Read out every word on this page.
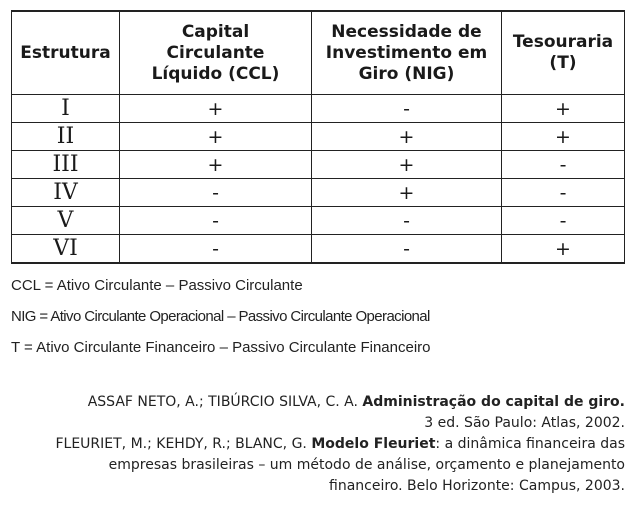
Estrutura	Capital Circulante Líquido (CCL)	Necessidade de Investimento em Giro (NIG)	Tesouraria (T)
I	+	-	+
II	+	+	+
III	+	+	-
IV	-	+	-
V	-	-	-
VI	-	-	+
CCL = Ativo Circulante – Passivo Circulante
NIG = Ativo Circulante Operacional – Passivo Circulante Operacional
T = Ativo Circulante Financeiro – Passivo Circulante Financeiro

ASSAF NETO, A.; TIBÚRCIO SILVA, C. A. Administração do capital de giro.
3 ed. São Paulo: Atlas, 2002.

FLEURIET, M.; KEHDY, R.; BLANC, G. Modelo Fleuriet: a dinâmica financeira das empresas brasileiras – um método de análise, orçamento e planejamento financeiro. Belo Horizonte: Campus, 2003.
